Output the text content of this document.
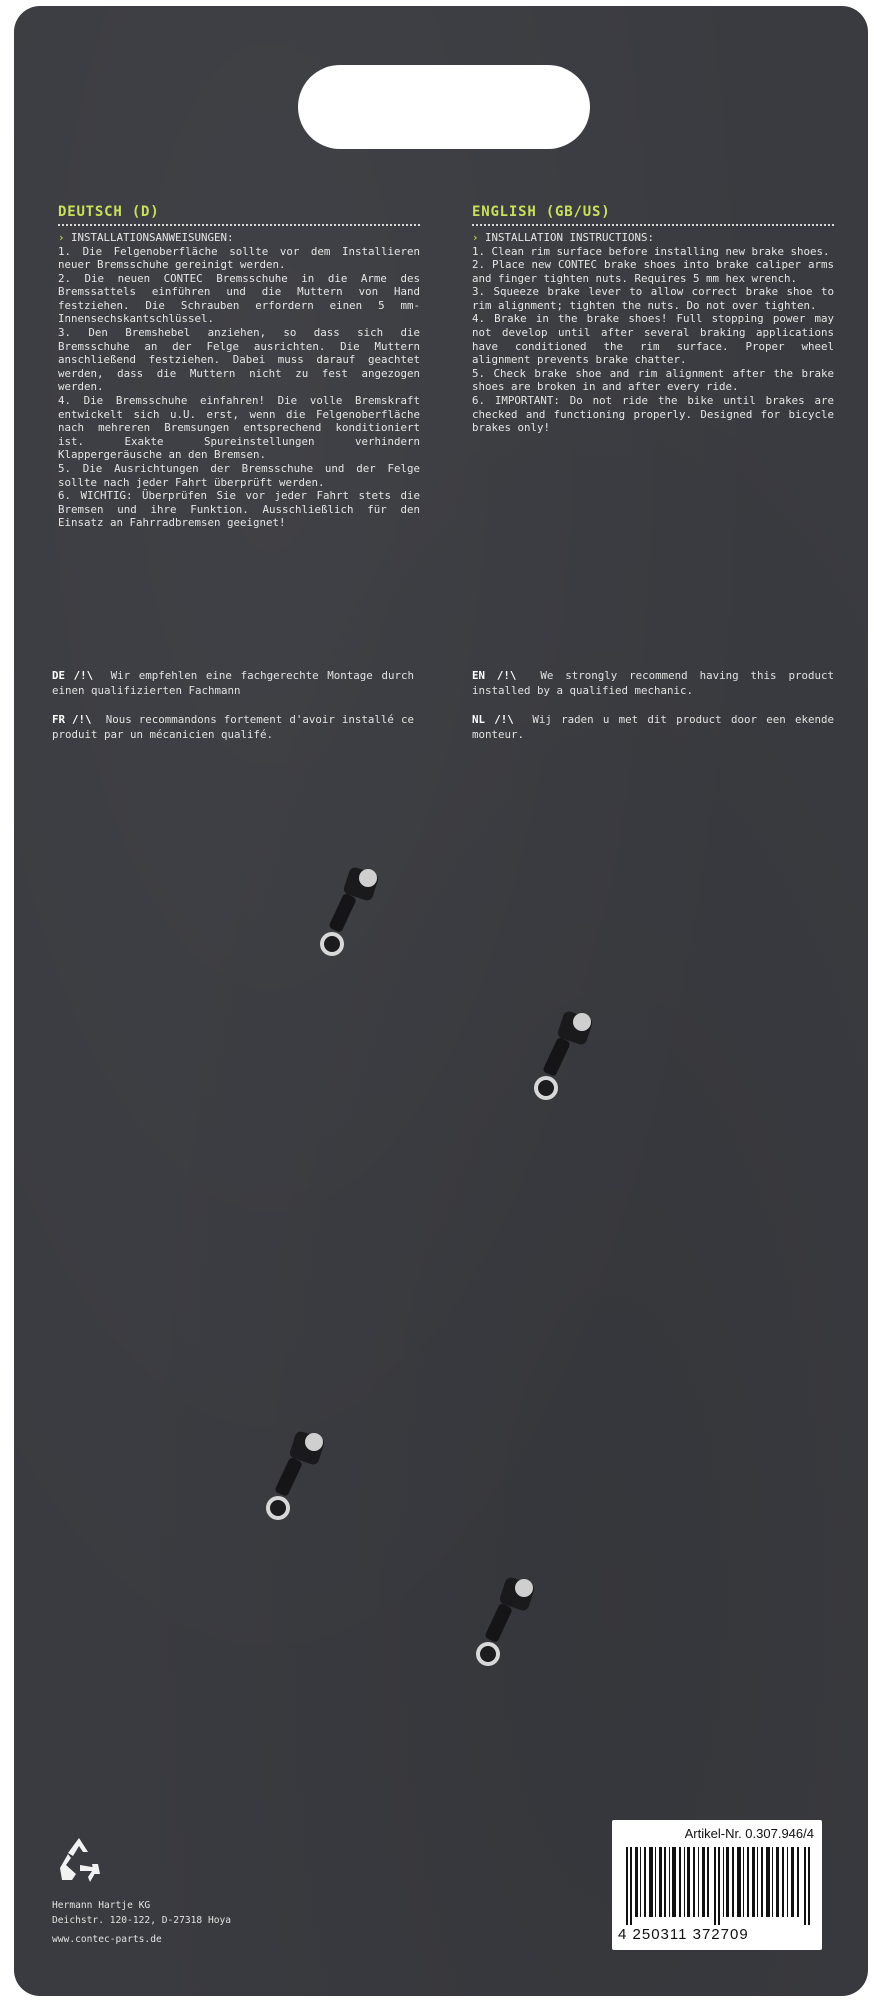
DEUTSCH (D)
› INSTALLATIONSANWEISUNGEN:

1. Die Felgenoberfläche sollte vor dem Installieren neuer Bremsschuhe gereinigt werden.

2. Die neuen CONTEC Bremsschuhe in die Arme des Bremssattels einführen und die Muttern von Hand festziehen. Die Schrauben erfordern einen 5 mm-Innensechskantschlüssel.

3. Den Bremshebel anziehen, so dass sich die Bremsschuhe an der Felge ausrichten. Die Muttern anschließend festziehen. Dabei muss darauf geachtet werden, dass die Muttern nicht zu fest angezogen werden.

4. Die Bremsschuhe einfahren! Die volle Bremskraft entwickelt sich u.U. erst, wenn die Felgenoberfläche nach mehreren Bremsungen entsprechend konditioniert ist. Exakte Spureinstellungen verhindern Klappergeräusche an den Bremsen.

5. Die Ausrichtungen der Bremsschuhe und der Felge sollte nach jeder Fahrt überprüft werden.

6. WICHTIG: Überprüfen Sie vor jeder Fahrt stets die Bremsen und ihre Funktion. Ausschließlich für den Einsatz an Fahrradbremsen geeignet!

ENGLISH (GB/US)
› INSTALLATION INSTRUCTIONS:

1. Clean rim surface before installing new brake shoes.

2. Place new CONTEC brake shoes into brake caliper arms and finger tighten nuts. Requires 5 mm hex wrench.

3. Squeeze brake lever to allow correct brake shoe to rim alignment; tighten the nuts. Do not over tighten.

4. Brake in the brake shoes! Full stopping power may not develop until after several braking applications have conditioned the rim surface. Proper wheel alignment prevents brake chatter.

5. Check brake shoe and rim alignment after the brake shoes are broken in and after every ride.

6. IMPORTANT: Do not ride the bike until brakes are checked and functioning properly. Designed for bicycle brakes only!

DE /!\ Wir empfehlen eine fachgerechte Montage durch einen qualifizierten Fachmann
EN /!\ We strongly recommend having this product installed by a qualified mechanic.
FR /!\ Nous recommandons fortement d'avoir installé ce produit par un mécanicien qualifé.
NL /!\ Wij raden u met dit product door een ekende monteur.
Hermann Hartje KG
Deichstr. 120-122, D-27318 Hoya
www.contec-parts.de
Artikel-Nr. 0.307.946/4
4 250311 372709
